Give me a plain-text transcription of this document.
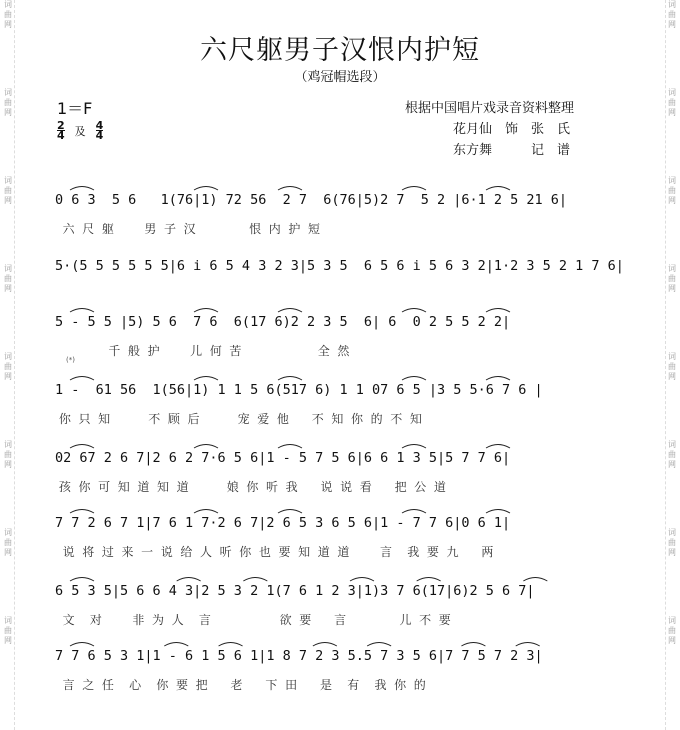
词
曲
网
词
曲
网
词
曲
网
词
曲
网
词
曲
网
词
曲
网
词
曲
网
词
曲
网
词
曲
网
词
曲
网
词
曲
网
词
曲
网
词
曲
网
词
曲
网
词
曲
网
词
曲
网
六尺躯男子汉恨内护短
（鸡冠帽选段）
1＝F
$\frac{2}{4}$ 及 $\frac{4}{4}$
根据中国唱片戏录音资料整理
花月仙　饰　张　氏
东方舞　　　记　谱
(*)
0 6 3  5 6   1(76|1) 72 56  2 7  6(76|5)2 7  5 2 |6·1 2 5 21 6|
六  尺  躯        男  子  汉              恨  内  护  短
5·(5 5 5 5 5 5|6 i 6 5 4 3 2 3|5 3 5  6 5 6 i 5 6 3 2|1·2 3 5 2 1 7 6|
5 - 5 5 |5) 5 6  7 6  6(17 6)2 2 3 5  6| 6  0 2 5 5 2 2|
千  般  护        儿  何  苦                    全  然
1 -  61 56  1(56|1) 1 1 5 6(517 6) 1 1 07 6 5 |3 5 5·6 7 6 |
你  只  知          不  顾  后          宠  爱  他      不  知  你  的  不  知
02 67 2 6 7|2 6 2 7·6 5 6|1 - 5 7 5 6|6 6 1 3 5|5 7 7 6|
孩  你  可  知  道  知  道          娘  你  听  我      说  说  看      把  公  道
7 7 2 6 7 1|7 6 1 7·2 6 7|2 6 5 3 6 5 6|1 - 7 7 6|0 6 1|
说  将  过  来  一  说  给  人  听  你  也  要  知  道  道        言    我  要  九      两
6 5 3 5|5 6 6 4 3|2 5 3 2 1(7 6 1 2 3|1)3 7 6(17|6)2 5 6 7|
文    对        非  为  人    言                  欲  要      言              儿  不  要
7 7 6 5 3 1|1 - 6 1 5 6 1|1 8 7 2 3 5.5 7 3 5 6|7 7 5 7 2 3|
言  之  任    心    你  要  把      老      下  田      是    有    我  你  的
